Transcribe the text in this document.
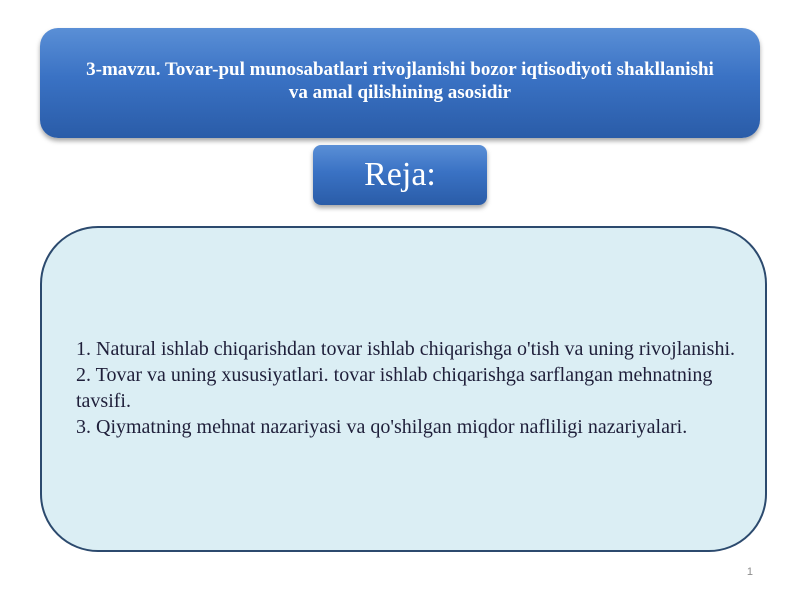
3-mavzu. Tovar-pul munosabatlari rivojlanishi bozor iqtisodiyoti shakllanishi va amal qilishining asosidir
Reja:
1. Natural ishlab chiqarishdan tovar ishlab chiqarishga o'tish va uning rivojlanishi.
2. Tovar va uning xususiyatlari. tovar ishlab chiqarishga sarflangan mehnatning tavsifi.
3. Qiymatning mehnat nazariyasi va qo'shilgan miqdor nafliligi nazariyalari.
1
